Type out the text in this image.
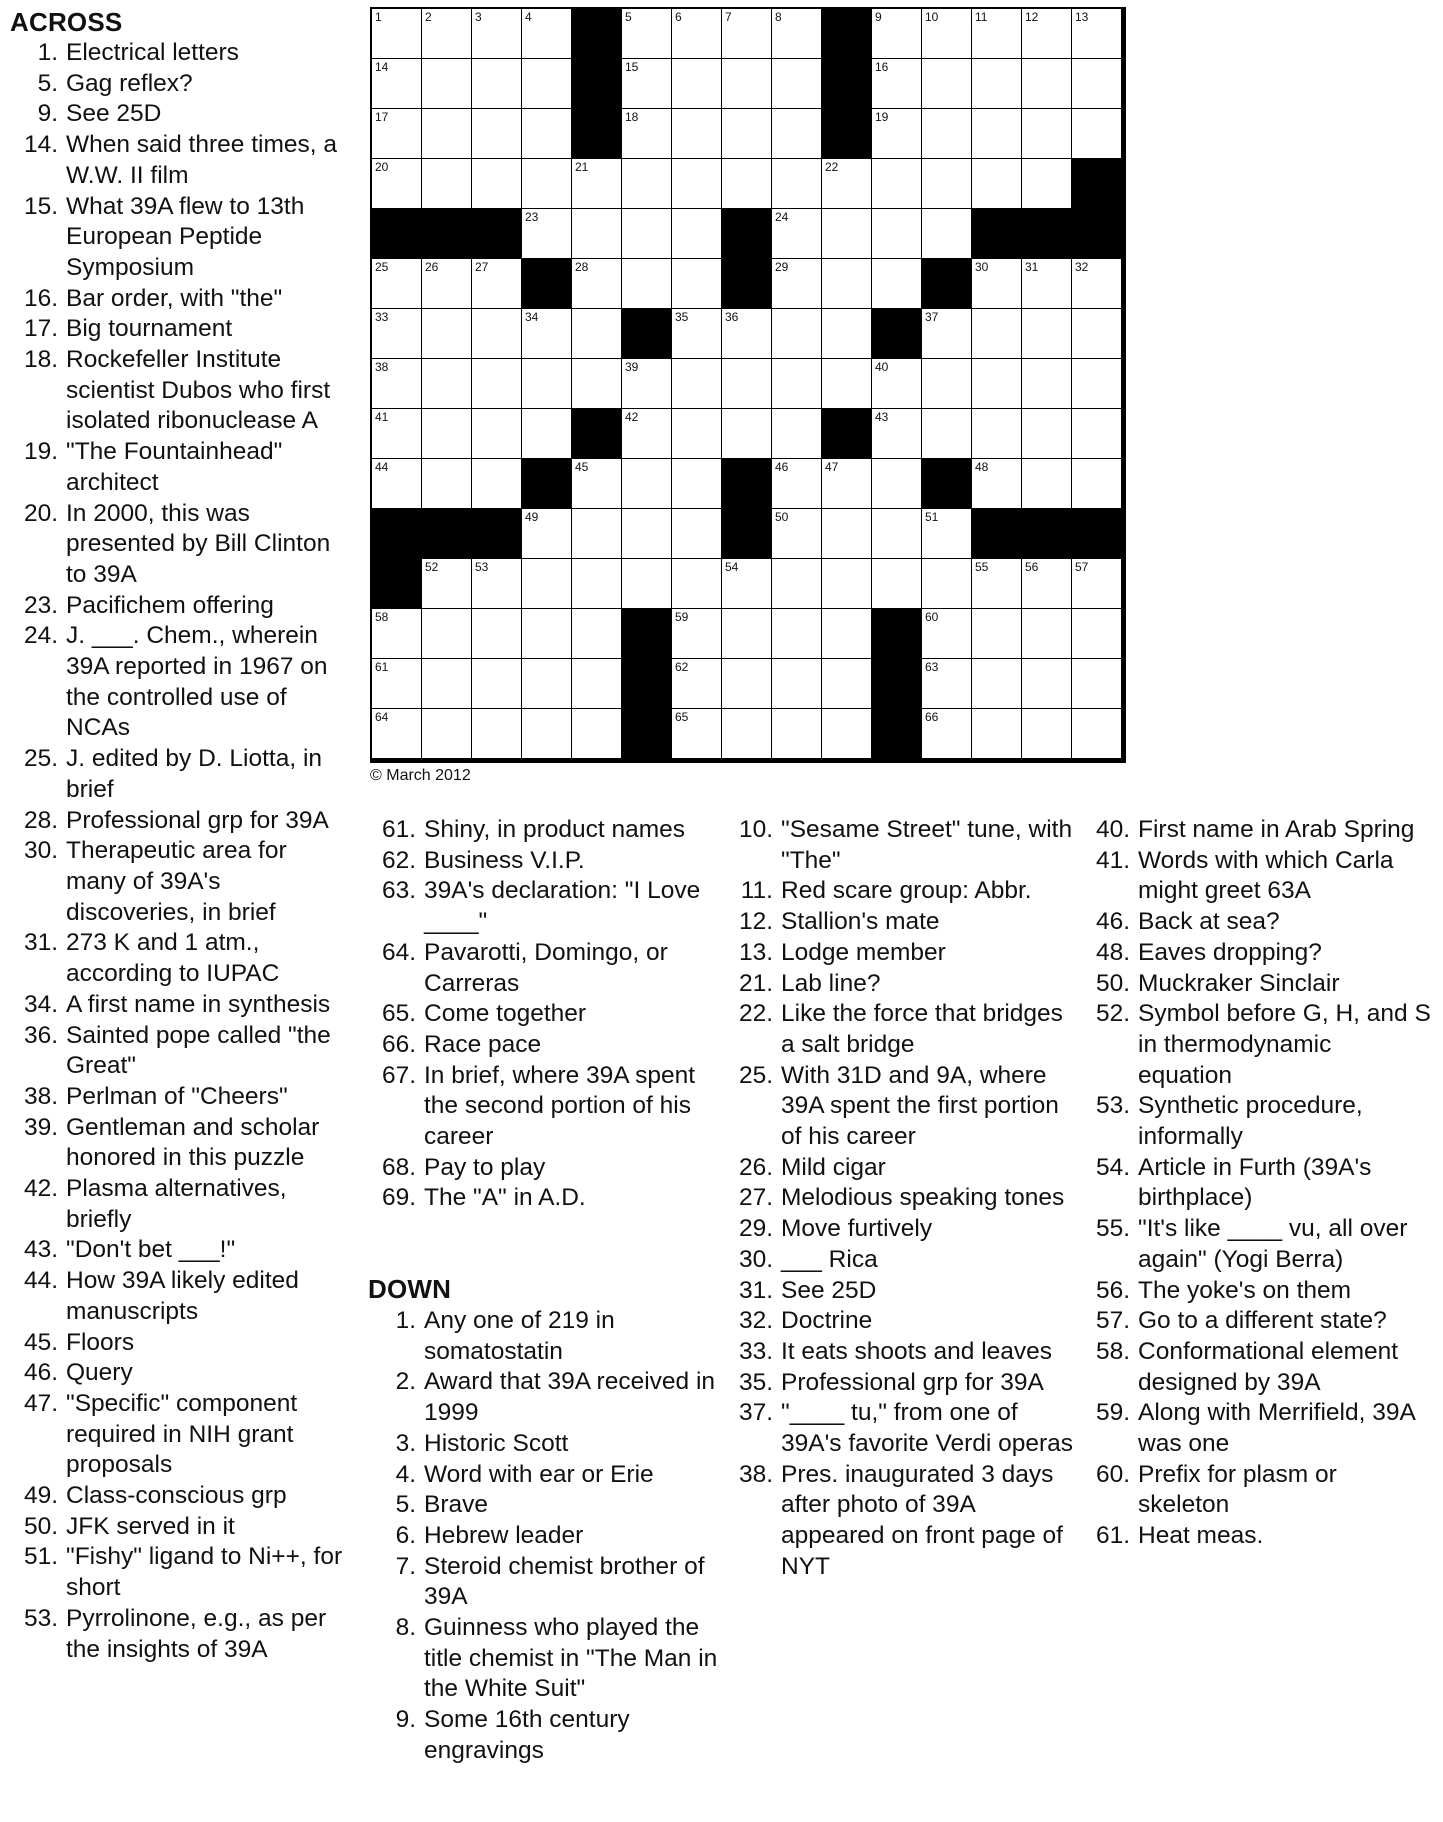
ACROSS
1. Electrical letters
5. Gag reflex?
9. See 25D
14. When said three times, a W.W. II film
15. What 39A flew to 13th European Peptide Symposium
16. Bar order, with "the"
17. Big tournament
18. Rockefeller Institute scientist Dubos who first isolated ribonuclease A
19. "The Fountainhead" architect
20. In 2000, this was presented by Bill Clinton to 39A
23. Pacifichem offering
24. J. ___. Chem., wherein 39A reported in 1967 on the controlled use of NCAs
25. J. edited by D. Liotta, in brief
28. Professional grp for 39A
30. Therapeutic area for many of 39A's discoveries, in brief
31. 273 K and 1 atm., according to IUPAC
34. A first name in synthesis
36. Sainted pope called "the Great"
38. Perlman of "Cheers"
39. Gentleman and scholar honored in this puzzle
42. Plasma alternatives, briefly
43. "Don't bet ___!"
44. How 39A likely edited manuscripts
45. Floors
46. Query
47. "Specific" component required in NIH grant proposals
49. Class-conscious grp
50. JFK served in it
51. "Fishy" ligand to Ni++, for short
53. Pyrrolinone, e.g., as per the insights of 39A
1	2	3	4	5	6	7	8	9	10	11	12	13
14	15	16
17	18	19
20	21	22
23	24
25	26	27	28	29	30	31	32
33	34	35	36	37
38	39	40
41	42	43
44	45	46	47	48
49	50	51
52	53	54	55	56	57
58	59	60
61	62	63
64	65	66
© March 2012
61. Shiny, in product names
62. Business V.I.P.
63. 39A's declaration: "I Love ____"
64. Pavarotti, Domingo, or Carreras
65. Come together
66. Race pace
67. In brief, where 39A spent the second portion of his career
68. Pay to play
69. The "A" in A.D.
DOWN
1. Any one of 219 in somatostatin
2. Award that 39A received in 1999
3. Historic Scott
4. Word with ear or Erie
5. Brave
6. Hebrew leader
7. Steroid chemist brother of 39A
8. Guinness who played the title chemist in "The Man in the White Suit"
9. Some 16th century engravings
10. "Sesame Street" tune, with "The"
11. Red scare group: Abbr.
12. Stallion's mate
13. Lodge member
21. Lab line?
22. Like the force that bridges a salt bridge
25. With 31D and 9A, where 39A spent the first portion of his career
26. Mild cigar
27. Melodious speaking tones
29. Move furtively
30. ___ Rica
31. See 25D
32. Doctrine
33. It eats shoots and leaves
35. Professional grp for 39A
37. "____ tu," from one of 39A's favorite Verdi operas
38. Pres. inaugurated 3 days after photo of 39A appeared on front page of NYT
40. First name in Arab Spring
41. Words with which Carla might greet 63A
46. Back at sea?
48. Eaves dropping?
50. Muckraker Sinclair
52. Symbol before G, H, and S in thermodynamic equation
53. Synthetic procedure, informally
54. Article in Furth (39A's birthplace)
55. "It's like ____ vu, all over again" (Yogi Berra)
56. The yoke's on them
57. Go to a different state?
58. Conformational element designed by 39A
59. Along with Merrifield, 39A was one
60. Prefix for plasm or skeleton
61. Heat meas.
